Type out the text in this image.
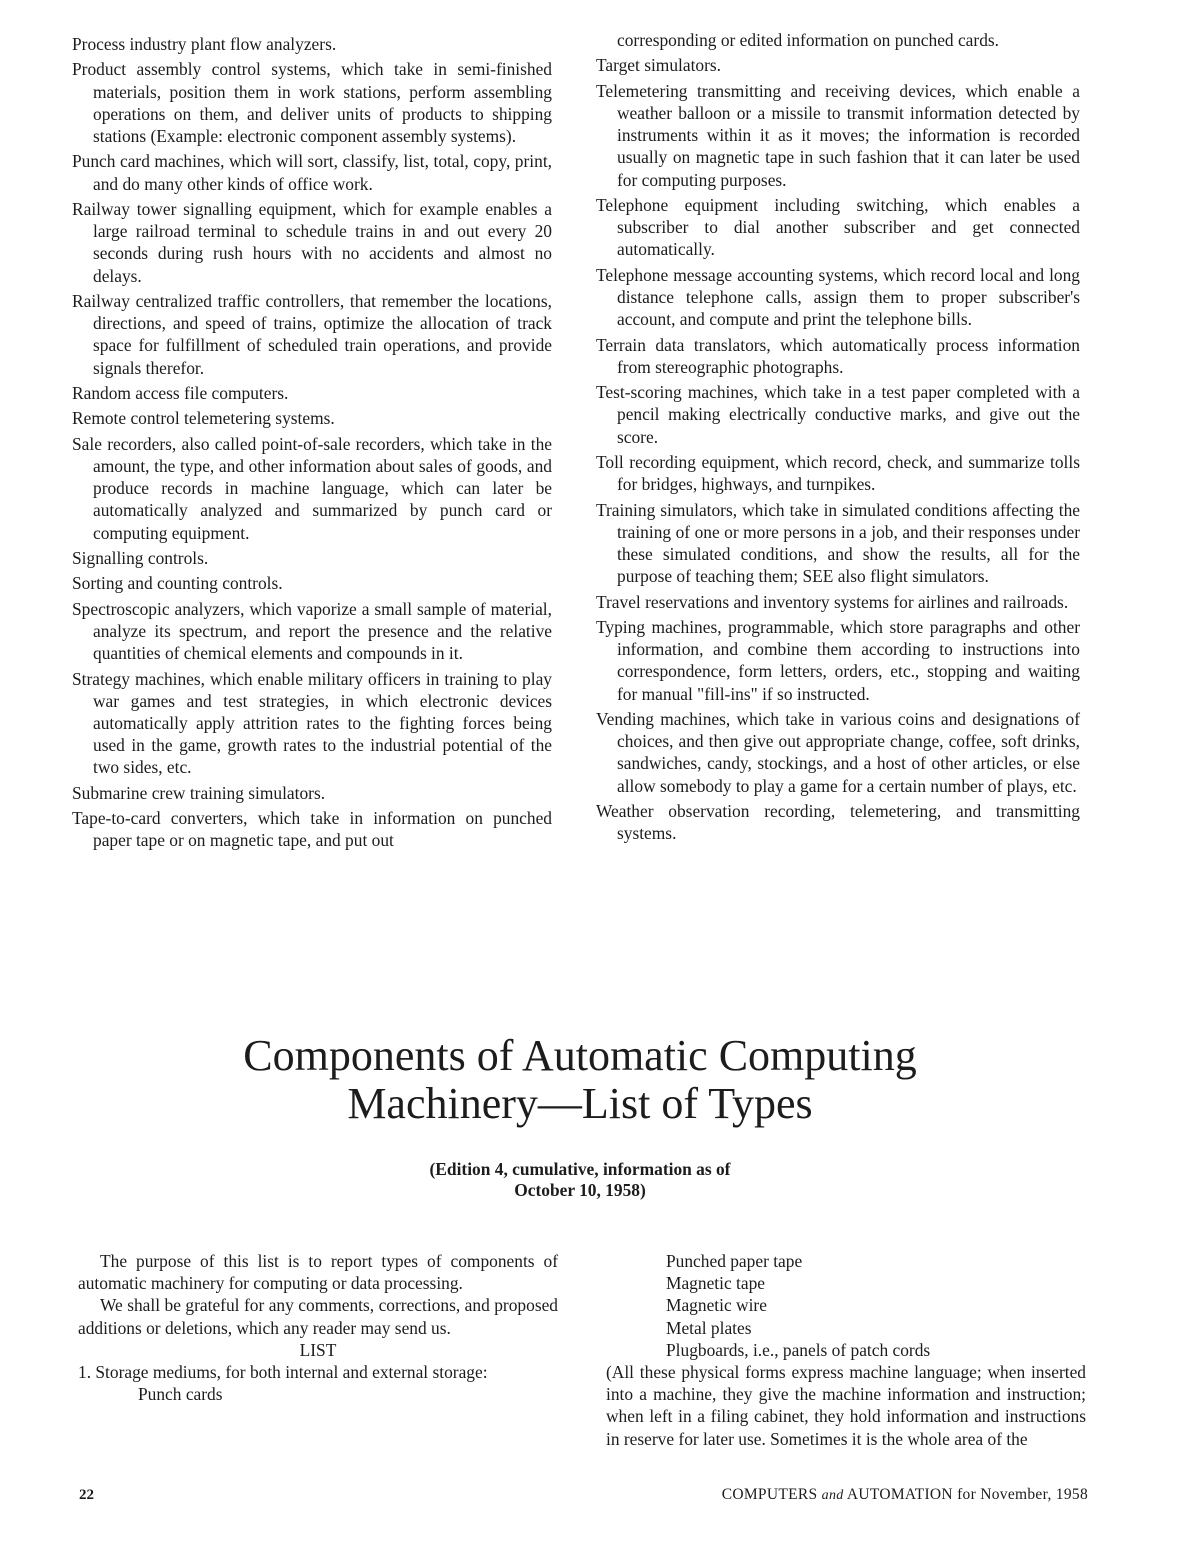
Process industry plant flow analyzers.

Product assembly control systems, which take in semi-finished materials, position them in work stations, perform assembling operations on them, and deliver units of products to shipping stations (Example: electronic component assembly systems).

Punch card machines, which will sort, classify, list, total, copy, print, and do many other kinds of office work.

Railway tower signalling equipment, which for example enables a large railroad terminal to schedule trains in and out every 20 seconds during rush hours with no accidents and almost no delays.

Railway centralized traffic controllers, that remember the locations, directions, and speed of trains, optimize the allocation of track space for fulfillment of scheduled train operations, and provide signals therefor.

Random access file computers.

Remote control telemetering systems.

Sale recorders, also called point-of-sale recorders, which take in the amount, the type, and other information about sales of goods, and produce records in machine language, which can later be automatically analyzed and summarized by punch card or computing equipment.

Signalling controls.

Sorting and counting controls.

Spectroscopic analyzers, which vaporize a small sample of material, analyze its spectrum, and report the presence and the relative quantities of chemical elements and compounds in it.

Strategy machines, which enable military officers in training to play war games and test strategies, in which electronic devices automatically apply attrition rates to the fighting forces being used in the game, growth rates to the industrial potential of the two sides, etc.

Submarine crew training simulators.

Tape-to-card converters, which take in information on punched paper tape or on magnetic tape, and put out

corresponding or edited information on punched cards.

Target simulators.

Telemetering transmitting and receiving devices, which enable a weather balloon or a missile to transmit information detected by instruments within it as it moves; the information is recorded usually on magnetic tape in such fashion that it can later be used for computing purposes.

Telephone equipment including switching, which enables a subscriber to dial another subscriber and get connected automatically.

Telephone message accounting systems, which record local and long distance telephone calls, assign them to proper subscriber's account, and compute and print the telephone bills.

Terrain data translators, which automatically process information from stereographic photographs.

Test-scoring machines, which take in a test paper completed with a pencil making electrically conductive marks, and give out the score.

Toll recording equipment, which record, check, and summarize tolls for bridges, highways, and turnpikes.

Training simulators, which take in simulated conditions affecting the training of one or more persons in a job, and their responses under these simulated conditions, and show the results, all for the purpose of teaching them; SEE also flight simulators.

Travel reservations and inventory systems for airlines and railroads.

Typing machines, programmable, which store paragraphs and other information, and combine them according to instructions into correspondence, form letters, orders, etc., stopping and waiting for manual "fill-ins" if so instructed.

Vending machines, which take in various coins and designations of choices, and then give out appropriate change, coffee, soft drinks, sandwiches, candy, stockings, and a host of other articles, or else allow somebody to play a game for a certain number of plays, etc.

Weather observation recording, telemetering, and transmitting systems.

Components of Automatic Computing
Machinery—List of Types
(Edition 4, cumulative, information as of
October 10, 1958)

The purpose of this list is to report types of components of automatic machinery for computing or data processing.

We shall be grateful for any comments, corrections, and proposed additions or deletions, which any reader may send us.

LIST

1. Storage mediums, for both internal and external storage:

Punch cards

Punched paper tape

Magnetic tape

Magnetic wire

Metal plates

Plugboards, i.e., panels of patch cords

(All these physical forms express machine language; when inserted into a machine, they give the machine information and instruction; when left in a filing cabinet, they hold information and instructions in reserve for later use. Sometimes it is the whole area of the

22	COMPUTERS and AUTOMATION for November, 1958
